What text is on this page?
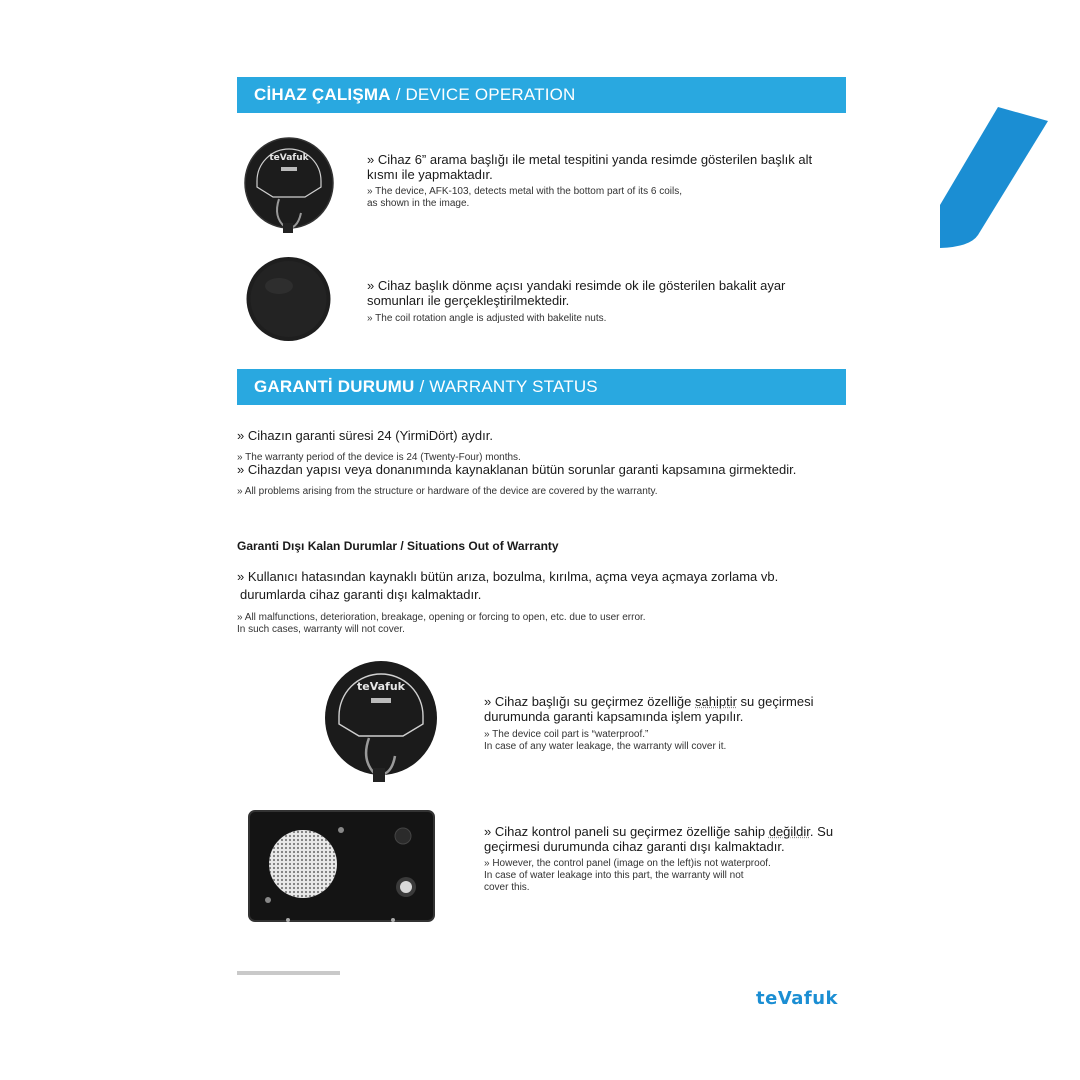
CİHAZ ÇALIŞMA / DEVICE OPERATION
teVafuk	» Cihaz 6” arama başlığı ile metal tespitini yanda resimde gösterilen başlık alt kısmı ile yapmaktadır.
» The device, AFK-103, detects metal with the bottom part of its 6 coils,
as shown in the image.
» Cihaz başlık dönme açısı yandaki resimde ok ile gösterilen bakalit ayar somunları ile gerçekleştirilmektedir.
» The coil rotation angle is adjusted with bakelite nuts.
GARANTİ DURUMU / WARRANTY STATUS
» Cihazın garanti süresi 24 (YirmiDört) aydır.
» The warranty period of the device is 24 (Twenty-Four) months.
» Cihazdan yapısı veya donanımında kaynaklanan bütün sorunlar garanti kapsamına girmektedir.
» All problems arising from the structure or hardware of the device are covered by the warranty.
Garanti Dışı Kalan Durumlar / Situations Out of Warranty
» Kullanıcı hatasından kaynaklı bütün arıza, bozulma, kırılma, açma veya açmaya zorlama vb.
durumlarda cihaz garanti dışı kalmaktadır.
» All malfunctions, deterioration, breakage, opening or forcing to open, etc. due to user error.
In such cases, warranty will not cover.
teVafuk
» Cihaz başlığı su geçirmez özelliğe sahiptir su geçirmesi durumunda garanti kapsamında işlem yapılır.
» The device coil part is “waterproof.”
In case of any water leakage, the warranty will cover it.
» Cihaz kontrol paneli su geçirmez özelliğe sahip değildir. Su geçirmesi durumunda cihaz garanti dışı kalmaktadır.
» However, the control panel (image on the left)is not waterproof.
In case of water leakage into this part, the warranty will not
cover this.
teVafuk
